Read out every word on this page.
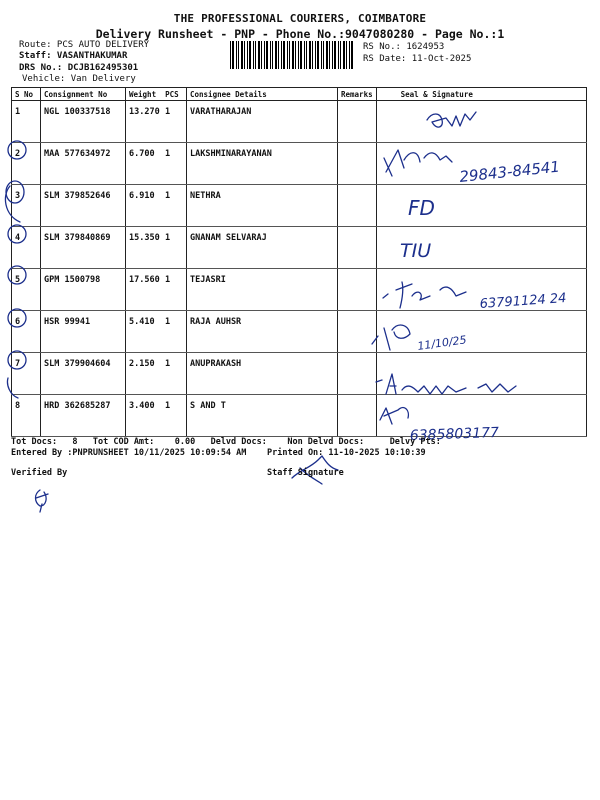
THE PROFESSIONAL COURIERS, COIMBATORE
Delivery Runsheet - PNP - Phone No.:9047080280 - Page No.:1
Route: PCS AUTO DELIVERY
Staff: VASANTHAKUMAR
DRS No.: DCJB162495301
Vehicle: Van Delivery
RS No.: 1624953
RS Date: 11-Oct-2025
S No	Consignment No	Weight PCS	Consignee Details	Remarks	Seal & Signature
1	NGL 100337518	13.270 1	VARATHARAJAN		
2	MAA 577634972	6.700 1	LAKSHMINARAYANAN		
3	SLM 379852646	6.910 1	NETHRA		
4	SLM 379840869	15.350 1	GNANAM SELVARAJ		
5	GPM 1500798	17.560 1	TEJASRI		
6	HSR 99941	5.410 1	RAJA AUHSR		
7	SLM 379904604	2.150 1	ANUPRAKASH		
8	HRD 362685287	3.400 1	S AND T		
29843-84541
FD
TIU
63791124 24
11/10/25
6385803177
Tot Docs:   8   Tot COD Amt:    0.00   Delvd Docs:    Non Delvd Docs:     Delvy Pts:
Entered By :PNPRUNSHEET 10/11/2025 10:09:54 AM Printed On: 11-10-2025 10:10:39
Verified By	Staff Signature
